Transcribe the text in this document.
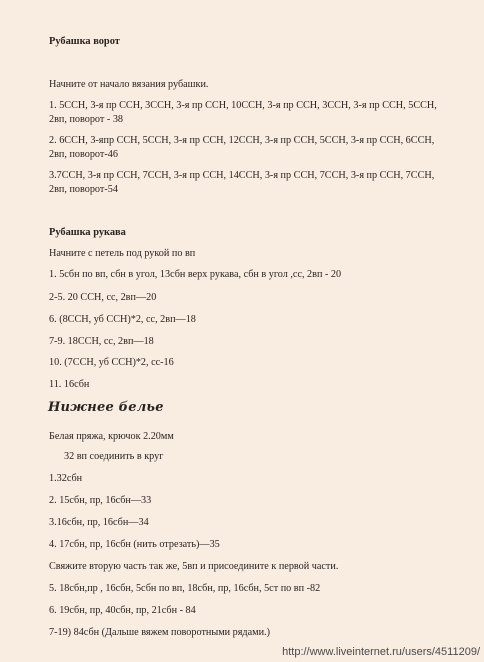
Рубашка ворот

Начните от начало вязания рубашки.

1. 5ССН, 3-я пр ССН, 3ССН, 3-я пр ССН, 10ССН, 3-я пр ССН, 3ССН, 3-я пр ССН, 5ССН, 2вп, поворот - 38

2. 6ССН, 3-япр ССН, 5ССН, 3-я пр ССН, 12ССН, 3-я пр ССН, 5ССН, 3-я пр ССН, 6ССН, 2вп, поворот-46

3.7ССН, 3-я пр ССН, 7ССН, 3-я пр ССН, 14ССН, 3-я пр ССН, 7ССН, 3-я пр ССН, 7ССН, 2вп, поворот-54

Рубашка рукава

Начните с петель под рукой по вп

1. 5сбн по вп, сбн в угол, 13сбн верх рукава, сбн в угол ,сс, 2вп - 20

2-5. 20 ССН, сс, 2вп—20

6. (8ССН, уб ССН)*2, сс, 2вп—18

7-9. 18ССН, сс, 2вп—18

10. (7ССН, уб ССН)*2, сс-16

11. 16сбн

Нижнее белье

Белая пряжа, крючок 2.20мм

32 вп соединить в круг

1.32сбн

2. 15сбн, пр, 16сбн—33

3.16сбн, пр, 16сбн—34

4. 17сбн, пр, 16сбн (нить отрезать)—35

Свяжите вторую часть так же, 5вп и присоедините к первой части.

5. 18сбн,пр , 16сбн, 5сбн по вп, 18сбн, пр, 16сбн, 5ст по вп -82

6. 19сбн, пр, 40сбн, пр, 21сбн - 84

7-19) 84сбн (Дальше вяжем поворотными рядами.)

http://www.liveinternet.ru/users/4511209/
